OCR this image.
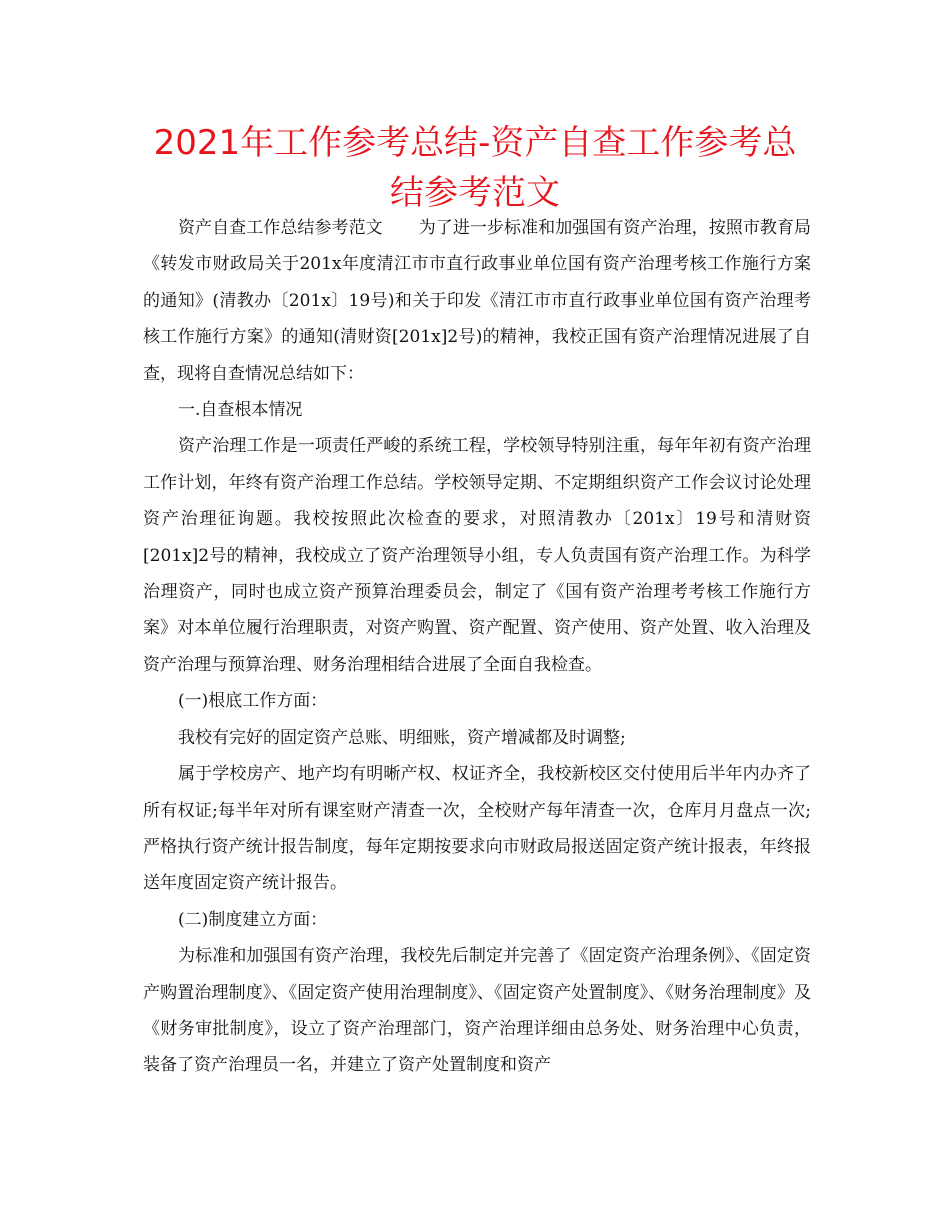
2021年工作参考总结-资产自查工作参考总结参考范文

资产自查工作总结参考范文 为了进一步标准和加强国有资产治理，按照市教育局《转发市财政局关于201x年度清江市市直行政事业单位国有资产治理考核工作施行方案的通知》(清教办〔201x〕19号)和关于印发《清江市市直行政事业单位国有资产治理考核工作施行方案》的通知(清财资[201x]2号)的精神，我校正国有资产治理情况进展了自查，现将自查情况总结如下：

一.自查根本情况

资产治理工作是一项责任严峻的系统工程，学校领导特别注重，每年年初有资产治理工作计划，年终有资产治理工作总结。学校领导定期、不定期组织资产工作会议讨论处理资产治理征询题。我校按照此次检查的要求，对照清教办〔201x〕19号和清财资[201x]2号的精神，我校成立了资产治理领导小组，专人负责国有资产治理工作。为科学治理资产，同时也成立资产预算治理委员会，制定了《国有资产治理考考核工作施行方案》对本单位履行治理职责，对资产购置、资产配置、资产使用、资产处置、收入治理及资产治理与预算治理、财务治理相结合进展了全面自我检查。

(一)根底工作方面：

我校有完好的固定资产总账、明细账，资产增减都及时调整;

属于学校房产、地产均有明晰产权、权证齐全，我校新校区交付使用后半年内办齐了所有权证;每半年对所有课室财产清查一次，全校财产每年清查一次，仓库月月盘点一次;严格执行资产统计报告制度，每年定期按要求向市财政局报送固定资产统计报表，年终报送年度固定资产统计报告。

(二)制度建立方面：

为标准和加强国有资产治理，我校先后制定并完善了《固定资产治理条例》、《固定资产购置治理制度》、《固定资产使用治理制度》、《固定资产处置制度》、《财务治理制度》及《财务审批制度》，设立了资产治理部门，资产治理详细由总务处、财务治理中心负责，装备了资产治理员一名，并建立了资产处置制度和资产
